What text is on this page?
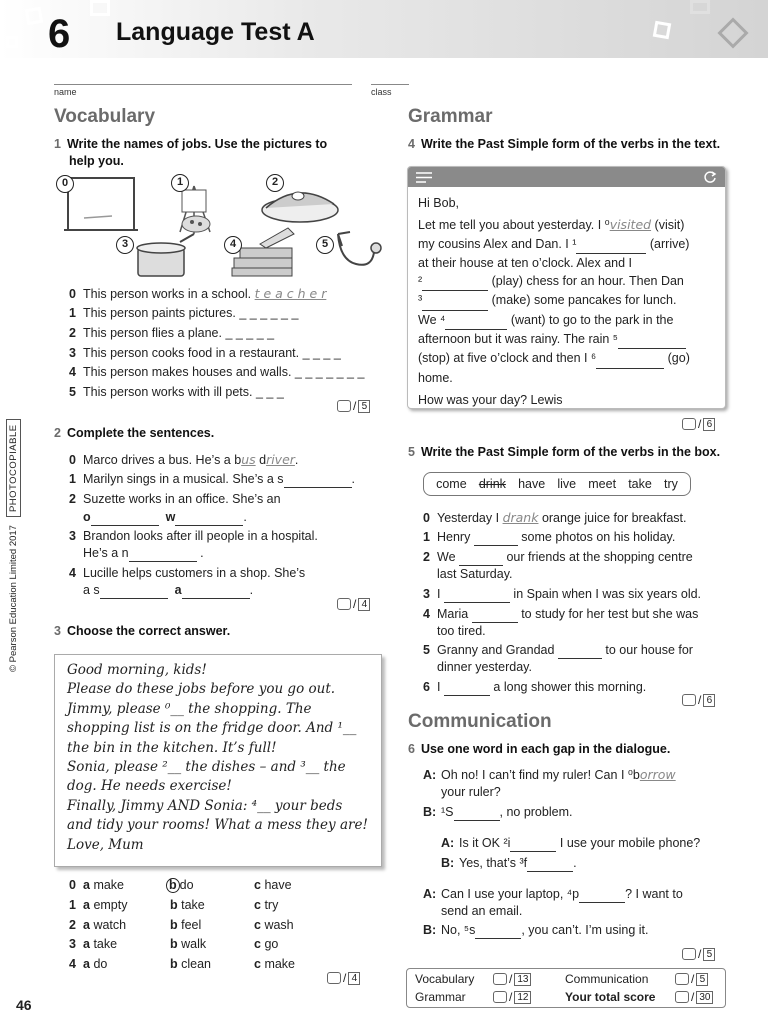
6 Language Test A
name	class
© Pearson Education Limited 2017PHOTOCOPIABLE
Vocabulary
1 Write the names of jobs. Use the pictures to
help you.
0	1	2
3	4	5
0 This person works in a school. t e a c h e r
1 This person paints pictures. _ _ _ _ _ _
2 This person flies a plane. _ _ _ _ _
3 This person cooks food in a restaurant. _ _ _ _
4 This person makes houses and walls. _ _ _ _ _ _ _
5 This person works with ill pets. _ _ _
/ 5
2 Complete the sentences.
0 Marco drives a bus. He’s a bus driver.
1 Marilyn sings in a musical. She’s a s	.
2 Suzette works in an office. She’s an
o	w	.
3 Brandon looks after ill people in a hospital.
He’s a n	.
4 Lucille helps customers in a shop. She’s
a s	a	.
/ 4
3 Choose the correct answer.
Good morning, kids!
Please do these jobs before you go out.
Jimmy, please ⁰__ the shopping. The
shopping list is on the fridge door. And ¹__
the bin in the kitchen. It’s full!
Sonia, please ²__ the dishes – and ³__ the
dog. He needs exercise!
Finally, Jimmy AND Sonia: ⁴__ your beds
and tidy your rooms! What a mess they are!
Love, Mum
0 a make	b do	c have
1 a empty	b take	c try
2 a watch	b feel	c wash
3 a take	b walk	c go
4 a do	b clean	c make
/ 4
46
Grammar
4 Write the Past Simple form of the verbs in the text.
Hi Bob,
Let me tell you about yesterday. I ⁰visited (visit)
my cousins Alex and Dan. I ¹	(arrive)
at their house at ten o’clock. Alex and I
²	(play) chess for an hour. Then Dan
³	(make) some pancakes for lunch.
We ⁴	(want) to go to the park in the
afternoon but it was rainy. The rain ⁵
(stop) at five o’clock and then I ⁶	(go)
home.
How was your day? Lewis
/ 6
5 Write the Past Simple form of the verbs in the box.
come drink have live meet take try
0 Yesterday I drank orange juice for breakfast.
1 Henry	some photos on his holiday.
2 We	our friends at the shopping centre
last Saturday.
3 I	in Spain when I was six years old.
4 Maria	to study for her test but she was
too tired.
5 Granny and Grandad	to our house for
dinner yesterday.
6 I	a long shower this morning.
/ 6
Communication
6 Use one word in each gap in the dialogue.
A: Oh no! I can’t find my ruler! Can I ⁰borrow
your ruler?
B: ¹S	, no problem.
A: Is it OK ²i	I use your mobile phone?
B: Yes, that’s ³f	.
A: Can I use your laptop, ⁴p	? I want to
send an email.
B: No, ⁵s	, you can’t. I’m using it.
/ 5
Vocabulary	/ 13
Grammar	/ 12
Communication	/ 5
Your total score	/ 30
